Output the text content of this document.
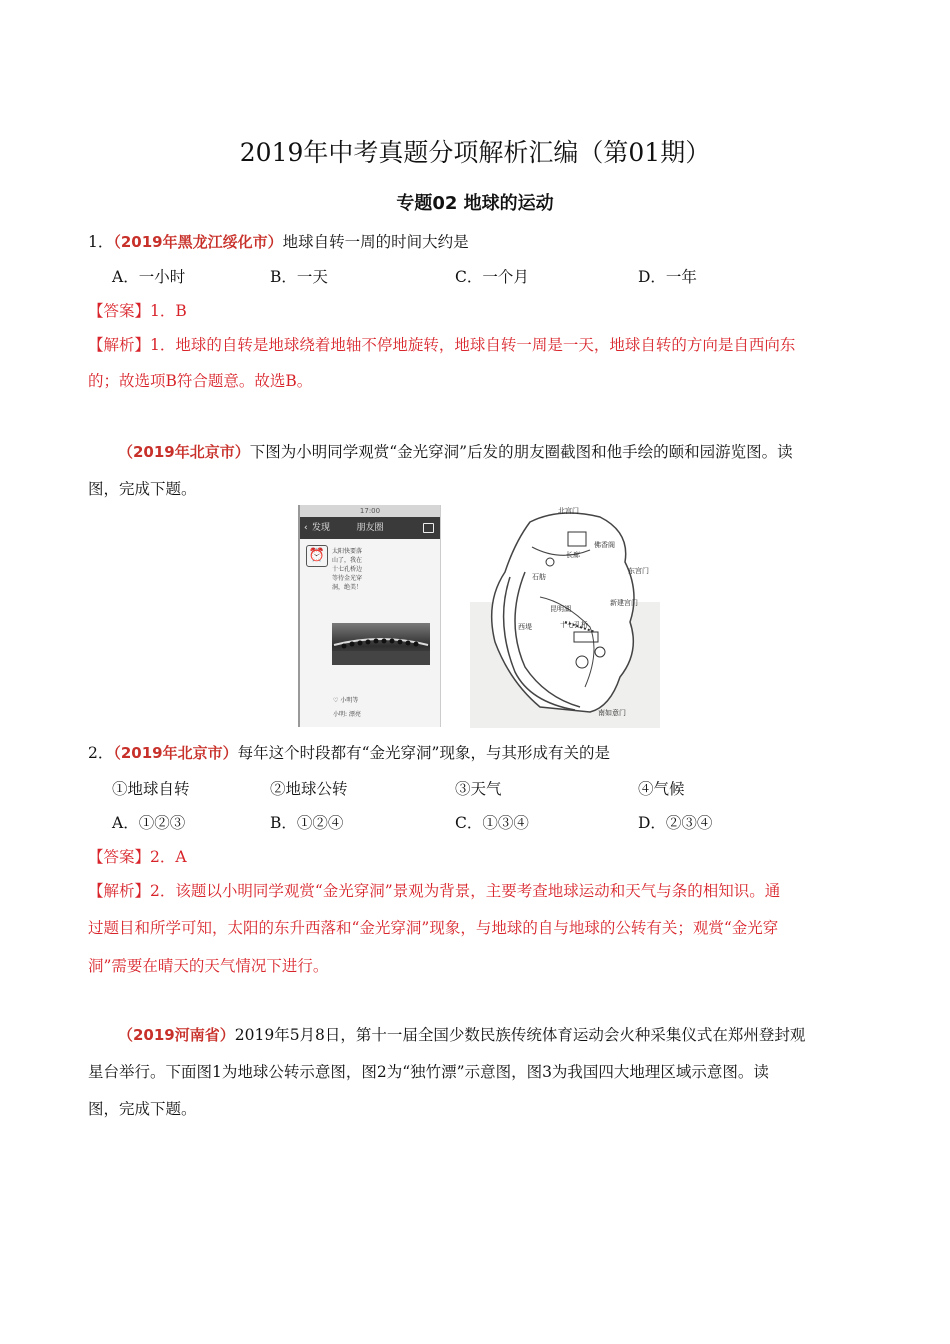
2019年中考真题分项解析汇编（第01期）
专题02 地球的运动
1．（2019年黑龙江绥化市）地球自转一周的时间大约是
A．一小时	B．一天	C．一个月	D．一年
【答案】1．B
【解析】1．地球的自转是地球绕着地轴不停地旋转，地球自转一周是一天，地球自转的方向是自西向东
的；故选项B符合题意。故选B。
（2019年北京市）下图为小明同学观赏“金光穿洞”后发的朋友圈截图和他手绘的颐和园游览图。读
图，完成下题。
17:00
‹ 发现	朋友圈
⏰	太阳快要落
山了，我在
十七孔桥边
等待金光穿
洞，绝美！
♡ 小明等
小明: 漂亮
北宫门
长廊
石舫
佛香阁
昆明湖
十七孔桥
新建宫门
南如意门
东宫门
西堤
2．（2019年北京市）每年这个时段都有“金光穿洞”现象，与其形成有关的是
①地球自转	②地球公转	③天气	④气候
A．①②③	B．①②④	C．①③④	D．②③④
【答案】2．A
【解析】2．该题以小明同学观赏“金光穿洞”景观为背景，主要考查地球运动和天气与条的相知识。通
过题目和所学可知，太阳的东升西落和“金光穿洞”现象，与地球的自与地球的公转有关；观赏“金光穿
洞”需要在晴天的天气情况下进行。
（2019河南省）2019年5月8日，第十一届全国少数民族传统体育运动会火种采集仪式在郑州登封观
星台举行。下面图1为地球公转示意图，图2为“独竹漂”示意图，图3为我国四大地理区域示意图。读
图，完成下题。
